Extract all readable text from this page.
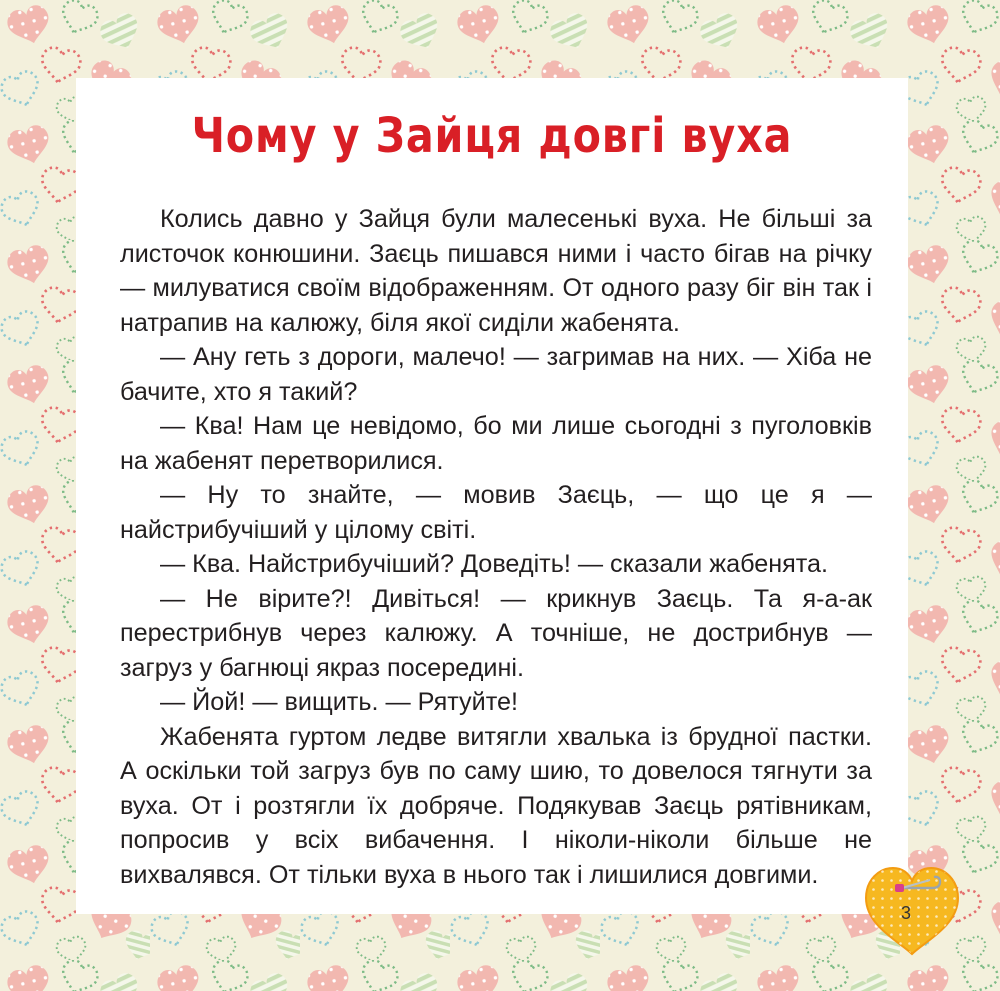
Чому у Зайця довгі вуха

Колись давно у Зайця були малесенькі вуха. Не більші за листочок конюшини. Заєць пишався ними і часто бігав на річку — милуватися своїм відображенням. От одного разу біг він так і натрапив на калюжу, біля якої сиділи жабенята.

— Ану геть з дороги, малечо! — загримав на них. — Хіба не бачите, хто я такий?

— Ква! Нам це невідомо, бо ми лише сьогодні з пуголовків на жабенят перетворилися.

— Ну то знайте, — мовив Заєць, — що це я — найстрибучіший у цілому світі.

— Ква. Найстрибучіший? Доведіть! — сказали жабенята.

— Не вірите?! Дивіться! — крикнув Заєць. Та я-а-ак перестрибнув через калюжу. А точніше, не дострибнув — загруз у багнюці якраз посередині.

— Йой! — вищить. — Рятуйте!

Жабенята гуртом ледве витягли хвалька із брудної пастки. А оскільки той загруз був по саму шию, то довелося тягнути за вуха. От і розтягли їх добряче. Подякував Заєць рятівникам, попросив у всіх вибачення. І ніколи-ніколи більше не вихвалявся. От тільки вуха в нього так і лишилися довгими.

3
